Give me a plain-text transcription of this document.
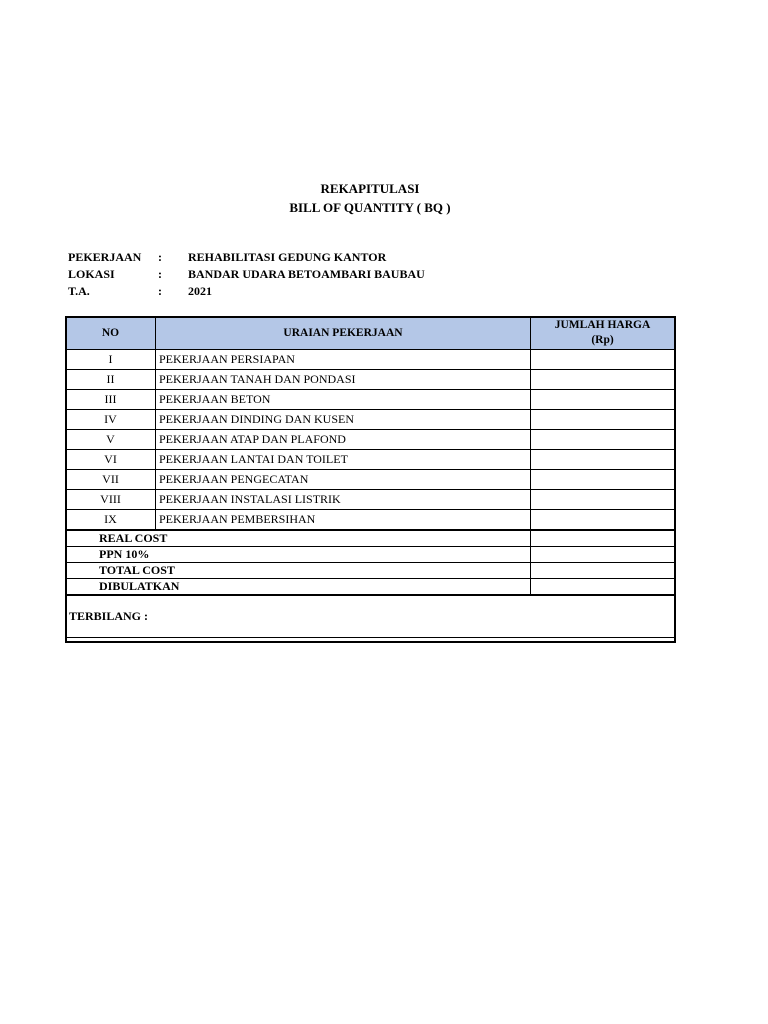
REKAPITULASI
BILL OF QUANTITY ( BQ )
PEKERJAAN : REHABILITASI GEDUNG KANTOR
LOKASI	: BANDAR UDARA BETOAMBARI BAUBAU
T.A.	: 2021
NO	URAIAN PEKERJAAN	JUMLAH HARGA
(Rp)

I	PEKERJAAN PERSIAPAN	
II	PEKERJAAN TANAH DAN PONDASI	
III	PEKERJAAN BETON	
IV	PEKERJAAN DINDING DAN KUSEN	
V	PEKERJAAN ATAP DAN PLAFOND	
VI	PEKERJAAN LANTAI DAN TOILET	
VII	PEKERJAAN PENGECATAN	
VIII	PEKERJAAN INSTALASI LISTRIK	
IX	PEKERJAAN PEMBERSIHAN	
REAL COST		
PPN 10%		
TOTAL COST		
DIBULATKAN		
TERBILANG :		
